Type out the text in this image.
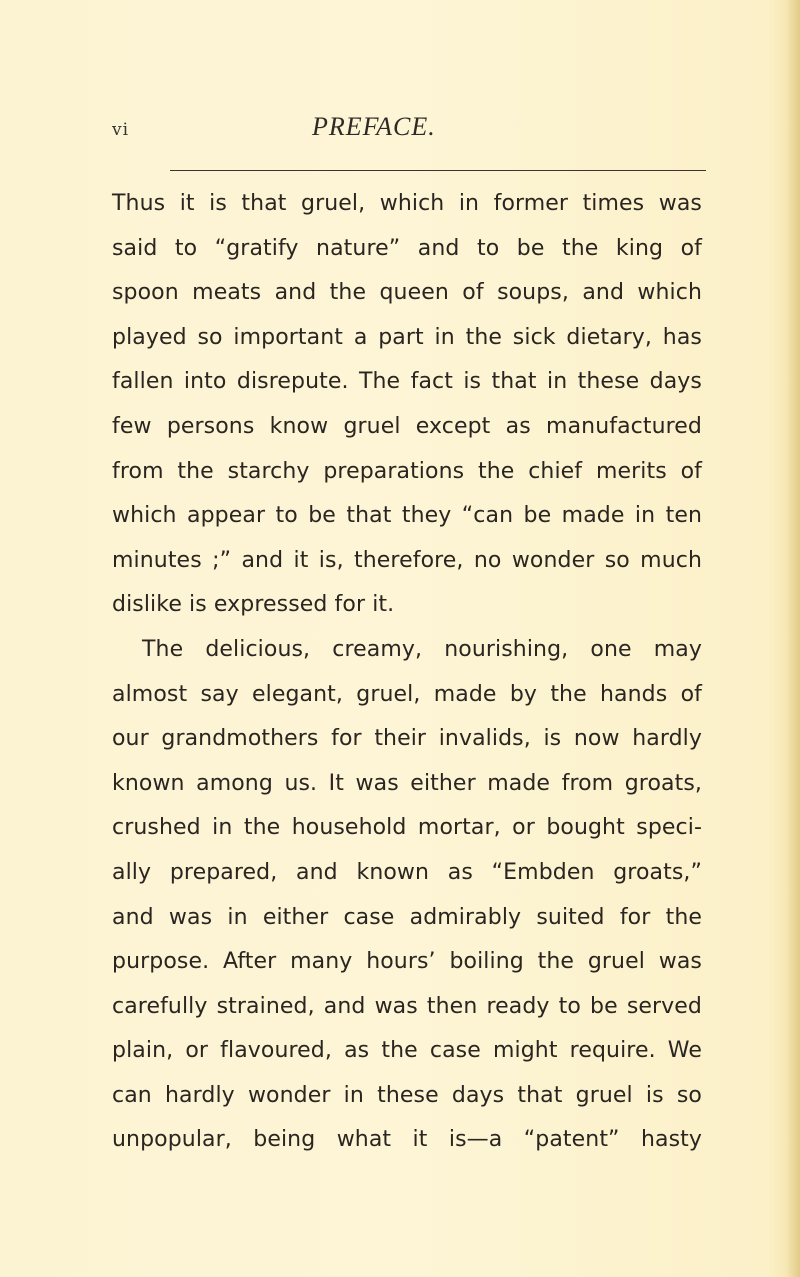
vi	PREFACE.
Thus it is that gruel, which in former times was
said to “gratify nature” and to be the king of
spoon meats and the queen of soups, and which
played so important a part in the sick dietary, has
fallen into disrepute. The fact is that in these days
few persons know gruel except as manufactured
from the starchy preparations the chief merits of
which appear to be that they “can be made in ten
minutes ;” and it is, therefore, no wonder so much
dislike is expressed for it.
The delicious, creamy, nourishing, one may
almost say elegant, gruel, made by the hands of
our grandmothers for their invalids, is now hardly
known among us. It was either made from groats,
crushed in the household mortar, or bought speci-
ally prepared, and known as “Embden groats,”
and was in either case admirably suited for the
purpose. After many hours’ boiling the gruel was
carefully strained, and was then ready to be served
plain, or flavoured, as the case might require. We
can hardly wonder in these days that gruel is so
unpopular, being what it is—a “patent” hasty
